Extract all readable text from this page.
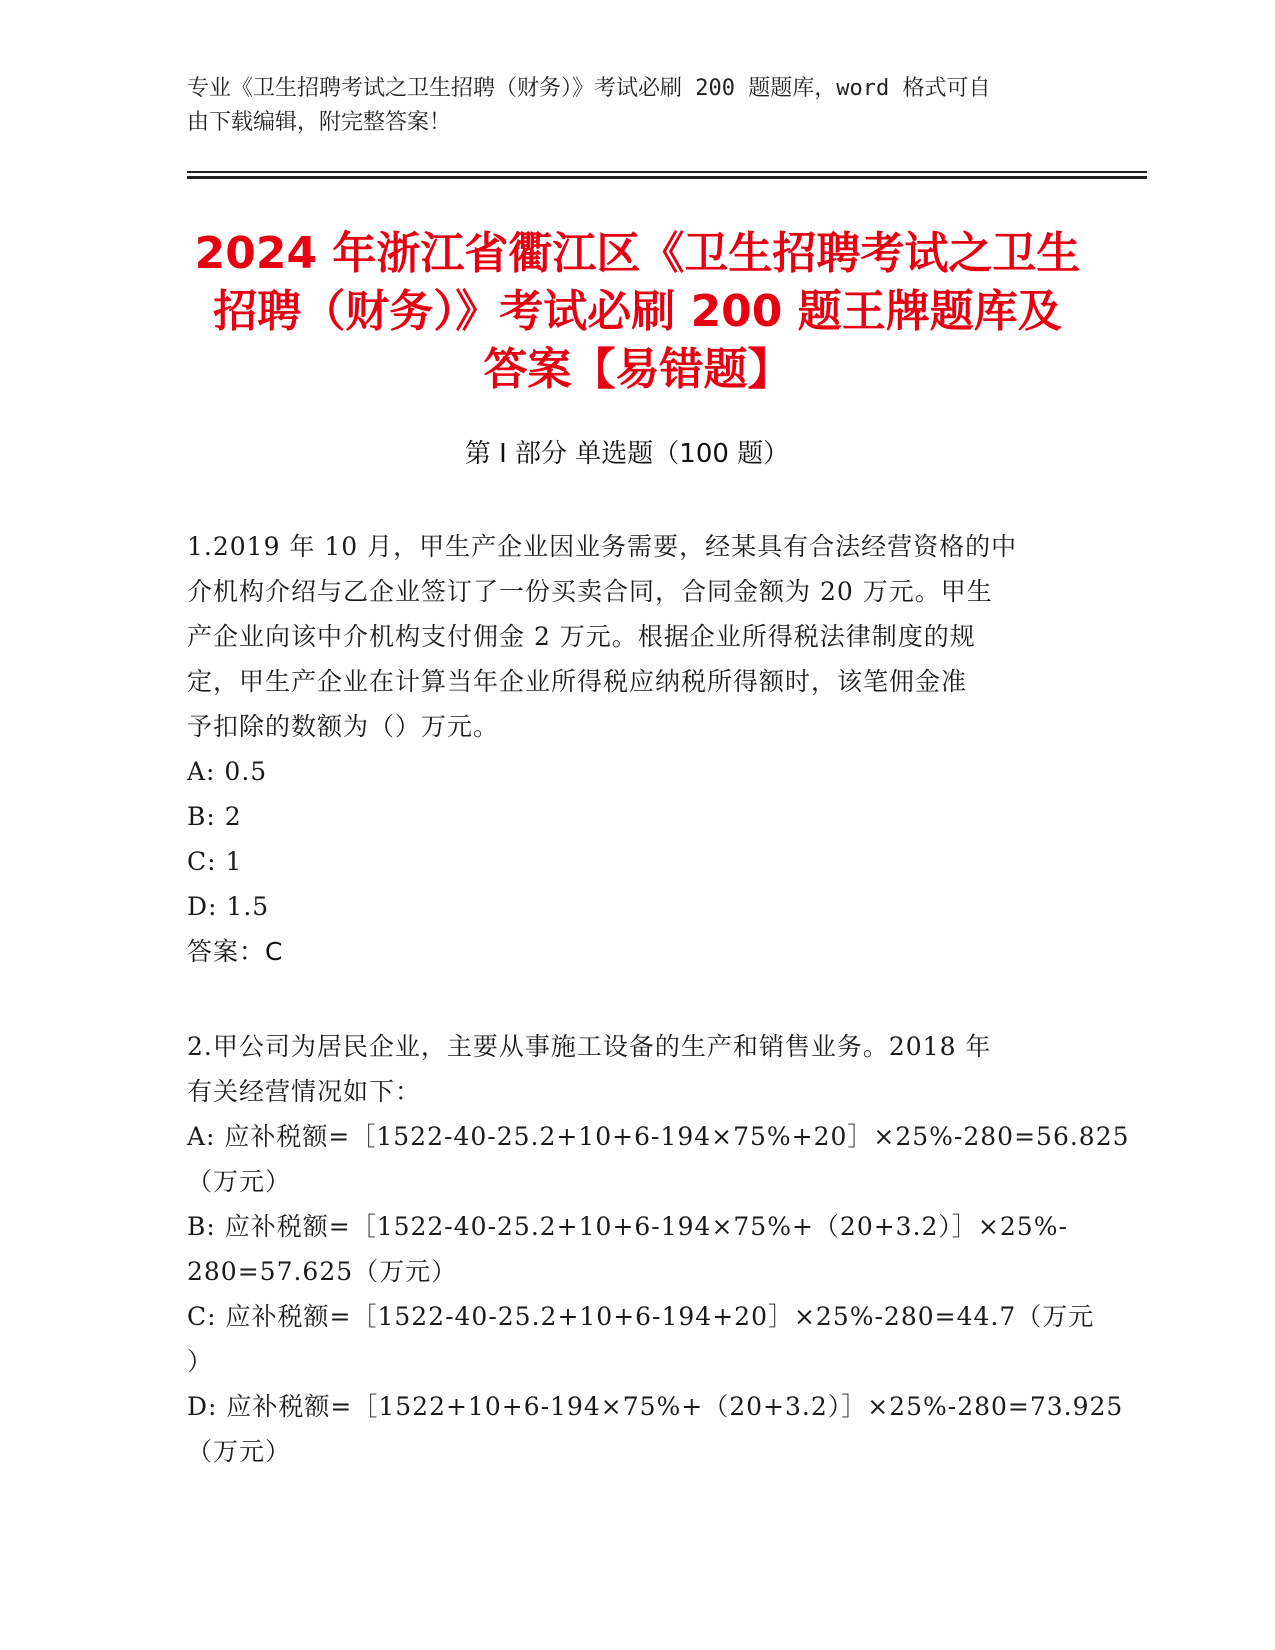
专业《卫生招聘考试之卫生招聘（财务）》考试必刷 200 题题库，word 格式可自

由下载编辑，附完整答案！

2024 年浙江省衢江区《卫生招聘考试之卫生

招聘（财务）》考试必刷 200 题王牌题库及

答案【易错题】

第 I 部分 单选题（100 题）

1.2019 年 10 月，甲生产企业因业务需要，经某具有合法经营资格的中

介机构介绍与乙企业签订了一份买卖合同，合同金额为 20 万元。甲生

产企业向该中介机构支付佣金 2 万元。根据企业所得税法律制度的规

定，甲生产企业在计算当年企业所得税应纳税所得额时，该笔佣金准

予扣除的数额为（）万元。

A: 0.5

B: 2

C: 1

D: 1.5

答案：C

2.甲公司为居民企业，主要从事施工设备的生产和销售业务。2018 年

有关经营情况如下：

A: 应补税额=［1522-40-25.2+10+6-194×75%+20］×25%-280=56.825

（万元）

B: 应补税额=［1522-40-25.2+10+6-194×75%+（20+3.2）］×25%-

280=57.625（万元）

C: 应补税额=［1522-40-25.2+10+6-194+20］×25%-280=44.7（万元

）

D: 应补税额=［1522+10+6-194×75%+（20+3.2）］×25%-280=73.925

（万元）
